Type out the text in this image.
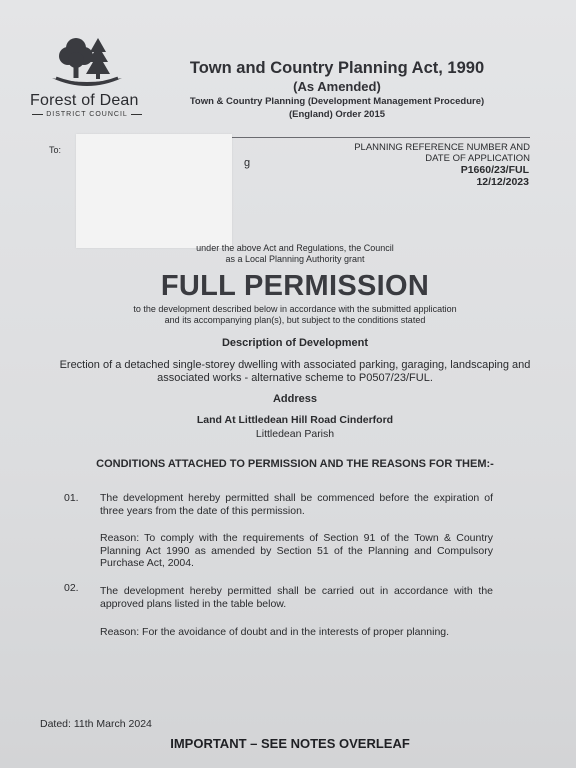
Forest of Dean
DISTRICT COUNCIL
Town and Country Planning Act, 1990
(As Amended)
Town & Country Planning (Development Management Procedure)
(England) Order 2015
To:
g
PLANNING REFERENCE NUMBER AND
DATE OF APPLICATION
P1660/23/FUL
12/12/2023
under the above Act and Regulations, the Council
as a Local Planning Authority grant
FULL PERMISSION
to the development described below in accordance with the submitted application
and its accompanying plan(s), but subject to the conditions stated
Description of Development
Erection of a detached single-storey dwelling with associated parking, garaging, landscaping and associated works - alternative scheme to P0507/23/FUL.
Address
Land At Littledean Hill Road Cinderford
Littledean Parish
CONDITIONS ATTACHED TO PERMISSION AND THE REASONS FOR THEM:-
01. The development hereby permitted shall be commenced before the expiration of three years from the date of this permission.
Reason: To comply with the requirements of Section 91 of the Town & Country Planning Act 1990 as amended by Section 51 of the Planning and Compulsory Purchase Act, 2004.
02. The development hereby permitted shall be carried out in accordance with the approved plans listed in the table below.
Reason: For the avoidance of doubt and in the interests of proper planning.
Dated: 11th March 2024
IMPORTANT – SEE NOTES OVERLEAF
